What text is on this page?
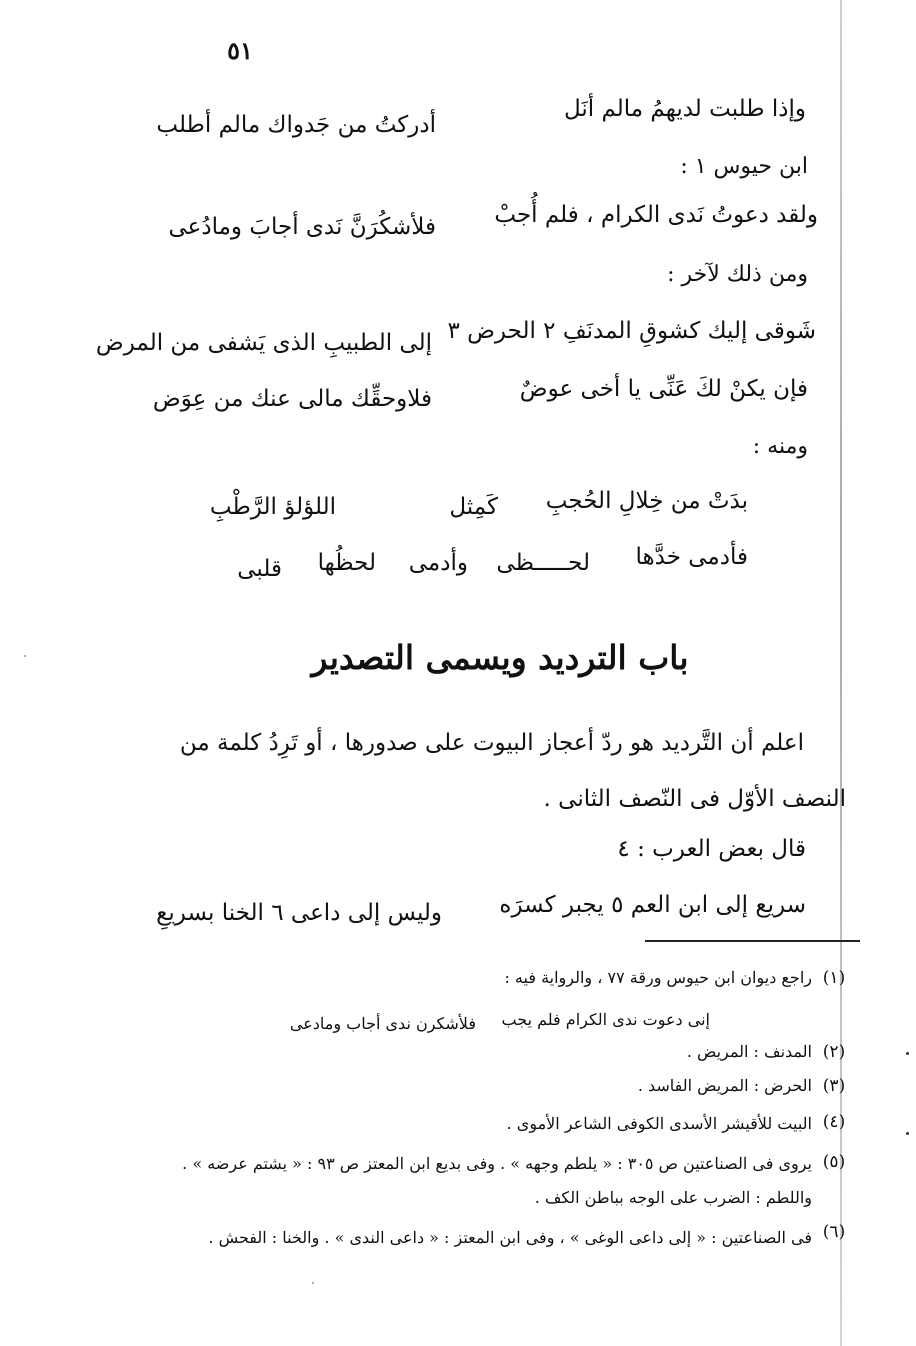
٥١
وإذا طلبت لديهمُ مالم أنَل
أدركتُ من جَدواك مالم أطلب
ابن حيوس ١ :
ولقد دعوتُ نَدى الكرام ، فلم أُجبْ
فلأشكُرَنَّ نَدى أجابَ ومادُعى
ومن ذلك لآخر :
شَوقى إليك كشوقِ المدنَفِ ٢ الحرض ٣
إلى الطبيبِ الذى يَشفى من المرض
فإن يكنْ لكَ عَنِّى يا أخى عوضٌ
فلاوحقِّك مالى عنك من عِوَض
ومنه :
بدَتْ من خِلالِ الحُجبِ
كَمِثل
اللؤلؤ الرَّطْبِ
فأدمى خدَّها
لحـــــظى
وأدمى
لحظُها
قلبى
باب الترديد ويسمى التصدير
اعلم أن التَّرديد هو ردّ أعجاز البيوت على صدورها ، أو تَرِدُ كلمة من
النصف الأوّل فى النّصف الثانى .
قال بعض العرب : ٤
سريع إلى ابن العم ٥ يجبر كسرَه
وليس إلى داعى ٦ الخنا بسريعِ
(١)
راجع ديوان ابن حيوس ورقة ٧٧ ، والرواية فيه :
إنى دعوت ندى الكرام فلم يجب
فلأشكرن ندى أجاب ومادعى
(٢)
المدنف : المريض .
(٣)
الحرض : المريض الفاسد .
(٤)
البيت للأقيشر الأسدى الكوفى الشاعر الأموى .
(٥)
يروى فى الصناعتين ص ٣٠٥ : « يلطم وجهه » . وفى بديع ابن المعتز ص ٩٣ : « يشتم عرضه » .
واللطم : الضرب على الوجه بباطن الكف .
(٦)
فى الصناعتين : « إلى داعى الوغى » ، وفى ابن المعتز : « داعى الندى » . والخنا : الفحش .
